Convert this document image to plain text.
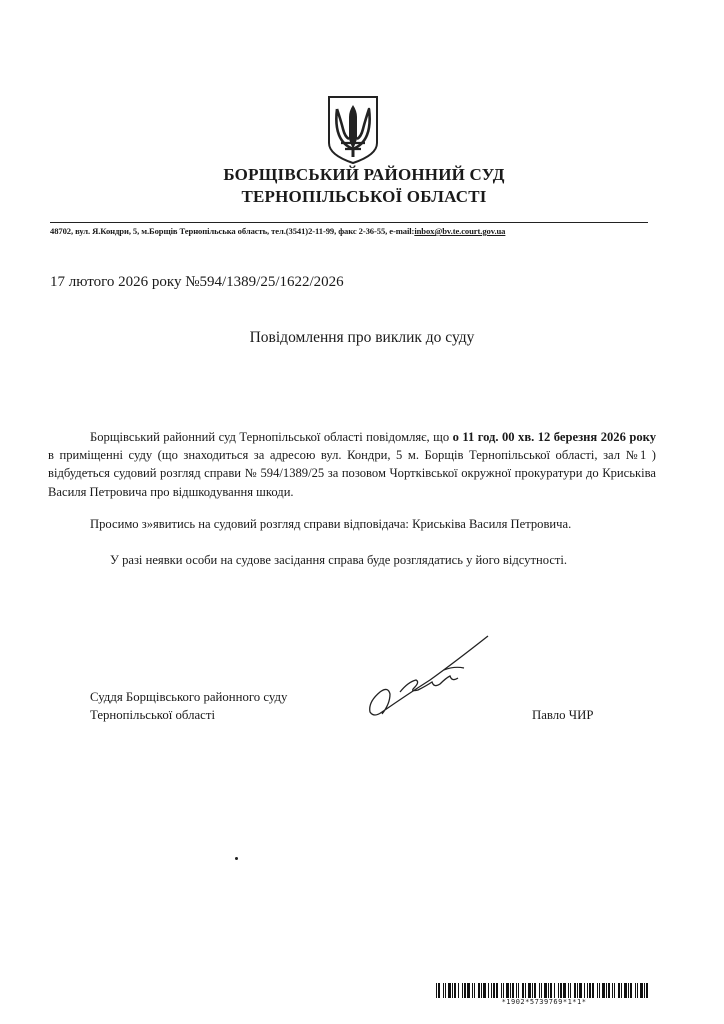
БОРЩІВСЬКИЙ РАЙОННИЙ СУД
ТЕРНОПІЛЬСЬКОЇ ОБЛАСТІ
48702, вул. Я.Кондри, 5, м.Борщів Тернопільська область, тел.(3541)2-11-99, факс 2-36-55, e-mail:inbox@bv.te.court.gov.ua
17 лютого 2026 року №594/1389/25/1622/2026
Повідомлення про виклик до суду
Борщівський районний суд Тернопільської області повідомляє, що о 11 год. 00 хв. 12 березня 2026 року в приміщенні суду (що знаходиться за адресою вул. Кондри, 5 м. Борщів Тернопільської області, зал №1 ) відбудеться судовий розгляд справи № 594/1389/25 за позовом Чортківської окружної прокуратури до Криськіва Василя Петровича про відшкодування шкоди.
Просимо з»явитись на судовий розгляд справи відповідача: Криськіва Василя Петровича.
У разі неявки особи на судове засідання справа буде розглядатись у його відсутності.
Суддя Борщівського районного суду
Тернопільської області	Павло ЧИР
*1902*5739769*1*1*
